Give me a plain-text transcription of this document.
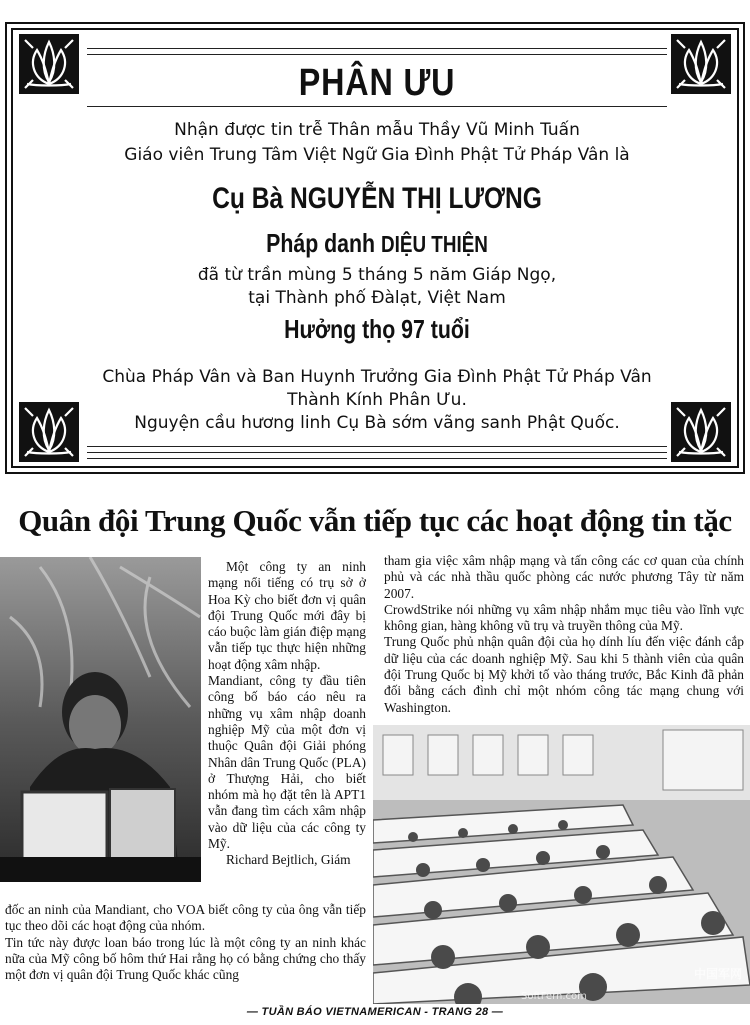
PHÂN ƯU
Nhận được tin trễ Thân mẫu Thầy Vũ Minh Tuấn
Giáo viên Trung Tâm Việt Ngữ Gia Đình Phật Tử Pháp Vân là
Cụ Bà NGUYỄN THỊ LƯƠNG
Pháp danh DIỆU THIỆN
đã từ trần mùng 5 tháng 5 năm Giáp Ngọ,
tại Thành phố Đàlạt, Việt Nam
Hưởng thọ 97 tuổi
Chùa Pháp Vân và Ban Huynh Trưởng Gia Đình Phật Tử Pháp Vân
Thành Kính Phân Ưu.
Nguyện cầu hương linh Cụ Bà sớm vãng sanh Phật Quốc.
Quân đội Trung Quốc vẫn tiếp tục các hoạt động tin tặc

Một công ty an ninh mạng nổi tiếng có trụ sở ở Hoa Kỳ cho biết đơn vị quân đội Trung Quốc mới đây bị cáo buộc làm gián điệp mạng vẫn tiếp tục thực hiện những hoạt động xâm nhập.

Mandiant, công ty đầu tiên công bố báo cáo nêu ra những vụ xâm nhập doanh nghiệp Mỹ của một đơn vị thuộc Quân đội Giải phóng Nhân dân Trung Quốc (PLA) ở Thượng Hải, cho biết nhóm mà họ đặt tên là APT1 vẫn đang tìm cách xâm nhập vào dữ liệu của các công ty Mỹ.

Richard Bejtlich, Giám

đốc an ninh của Mandiant, cho VOA biết công ty của ông vẫn tiếp tục theo dõi các hoạt động của nhóm.

Tin tức này được loan báo trong lúc là một công ty an ninh khác nữa của Mỹ công bố hôm thứ Hai rằng họ có bằng chứng cho thấy một đơn vị quân đội Trung Quốc khác cũng

tham gia việc xâm nhập mạng và tấn công các cơ quan của chính phủ và các nhà thầu quốc phòng các nước phương Tây từ năm 2007.

CrowdStrike nói những vụ xâm nhập nhắm mục tiêu vào lĩnh vực không gian, hàng không vũ trụ và truyền thông của Mỹ.

Trung Quốc phủ nhận quân đội của họ dính líu đến việc đánh cắp dữ liệu của các doanh nghiệp Mỹ. Sau khi 5 thành viên của quân đội Trung Quốc bị Mỹ khởi tố vào tháng trước, Bắc Kinh đã phản đối bằng cách đình chỉ một nhóm công tác mạng chung với Washington.

中国军网
SoftFern.com
— TUẦN BÁO VIETNAMERICAN - TRANG 28 —
